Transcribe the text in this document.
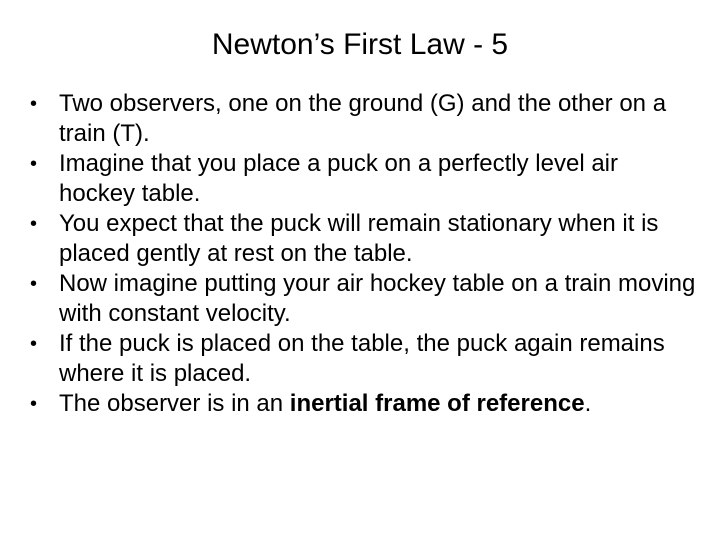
Newton’s First Law - 5
• Two observers, one on the ground (G) and the other on a train (T).
• Imagine that you place a puck on a perfectly level air hockey table.
• You expect that the puck will remain stationary when it is placed gently at rest on the table.
• Now imagine putting your air hockey table on a train moving with constant velocity.
• If the puck is placed on the table, the puck again remains where it is placed.
• The observer is in an inertial frame of reference.
